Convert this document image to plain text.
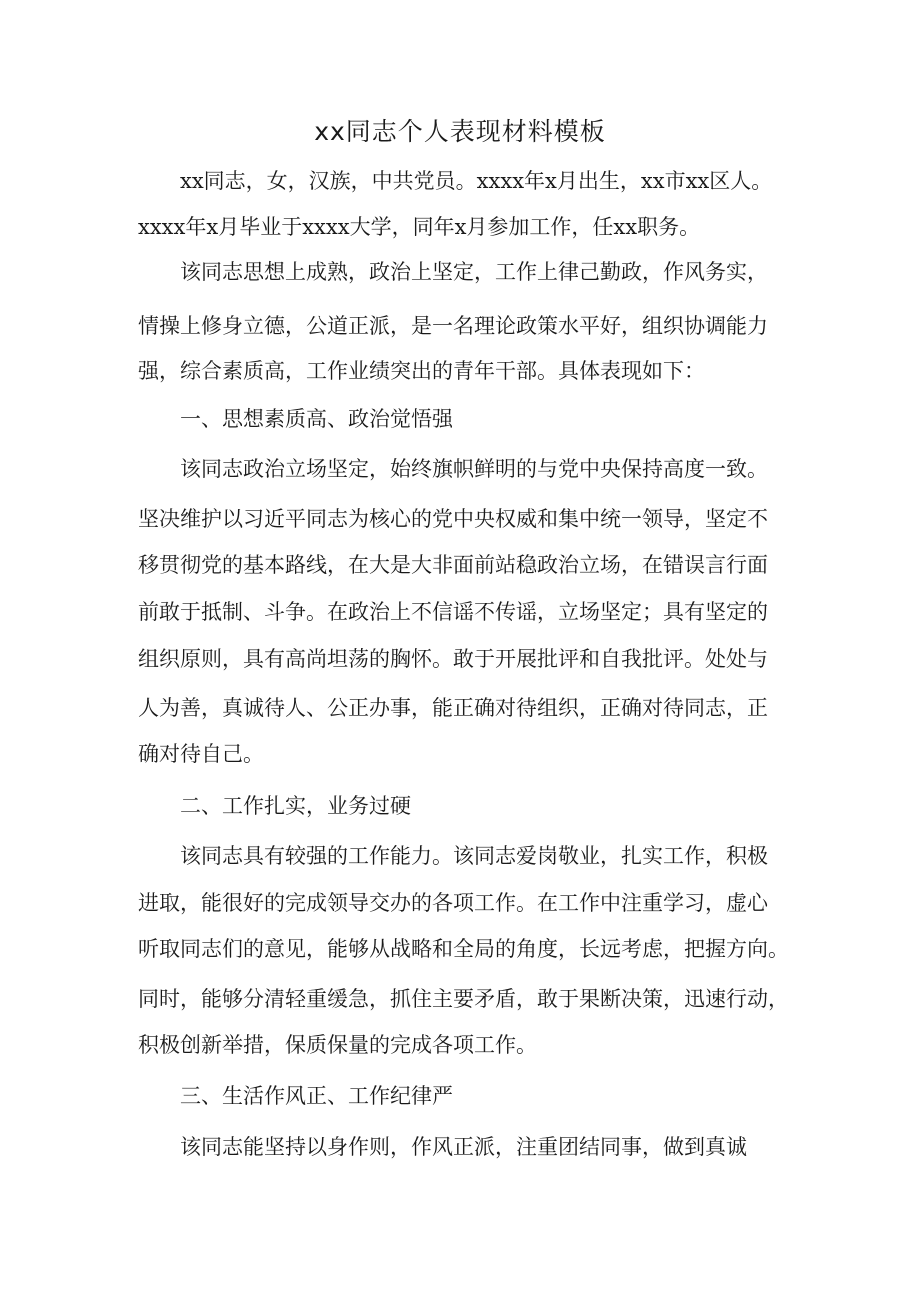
xx同志个人表现材料模板

xx同志，女，汉族，中共党员。xxxx年x月出生，xx市xx区人。

xxxx年x月毕业于xxxx大学，同年x月参加工作，任xx职务。

该同志思想上成熟，政治上坚定，工作上律己勤政，作风务实，

情操上修身立德，公道正派，是一名理论政策水平好，组织协调能力

强，综合素质高，工作业绩突出的青年干部。具体表现如下：

一、思想素质高、政治觉悟强

该同志政治立场坚定，始终旗帜鲜明的与党中央保持高度一致。

坚决维护以习近平同志为核心的党中央权威和集中统一领导，坚定不

移贯彻党的基本路线，在大是大非面前站稳政治立场，在错误言行面

前敢于抵制、斗争。在政治上不信谣不传谣，立场坚定；具有坚定的

组织原则，具有高尚坦荡的胸怀。敢于开展批评和自我批评。处处与

人为善，真诚待人、公正办事，能正确对待组织，正确对待同志，正

确对待自己。

二、工作扎实，业务过硬

该同志具有较强的工作能力。该同志爱岗敬业，扎实工作，积极

进取，能很好的完成领导交办的各项工作。在工作中注重学习，虚心

听取同志们的意见，能够从战略和全局的角度，长远考虑，把握方向。

同时，能够分清轻重缓急，抓住主要矛盾，敢于果断决策，迅速行动，

积极创新举措，保质保量的完成各项工作。

三、生活作风正、工作纪律严

该同志能坚持以身作则，作风正派，注重团结同事，做到真诚
